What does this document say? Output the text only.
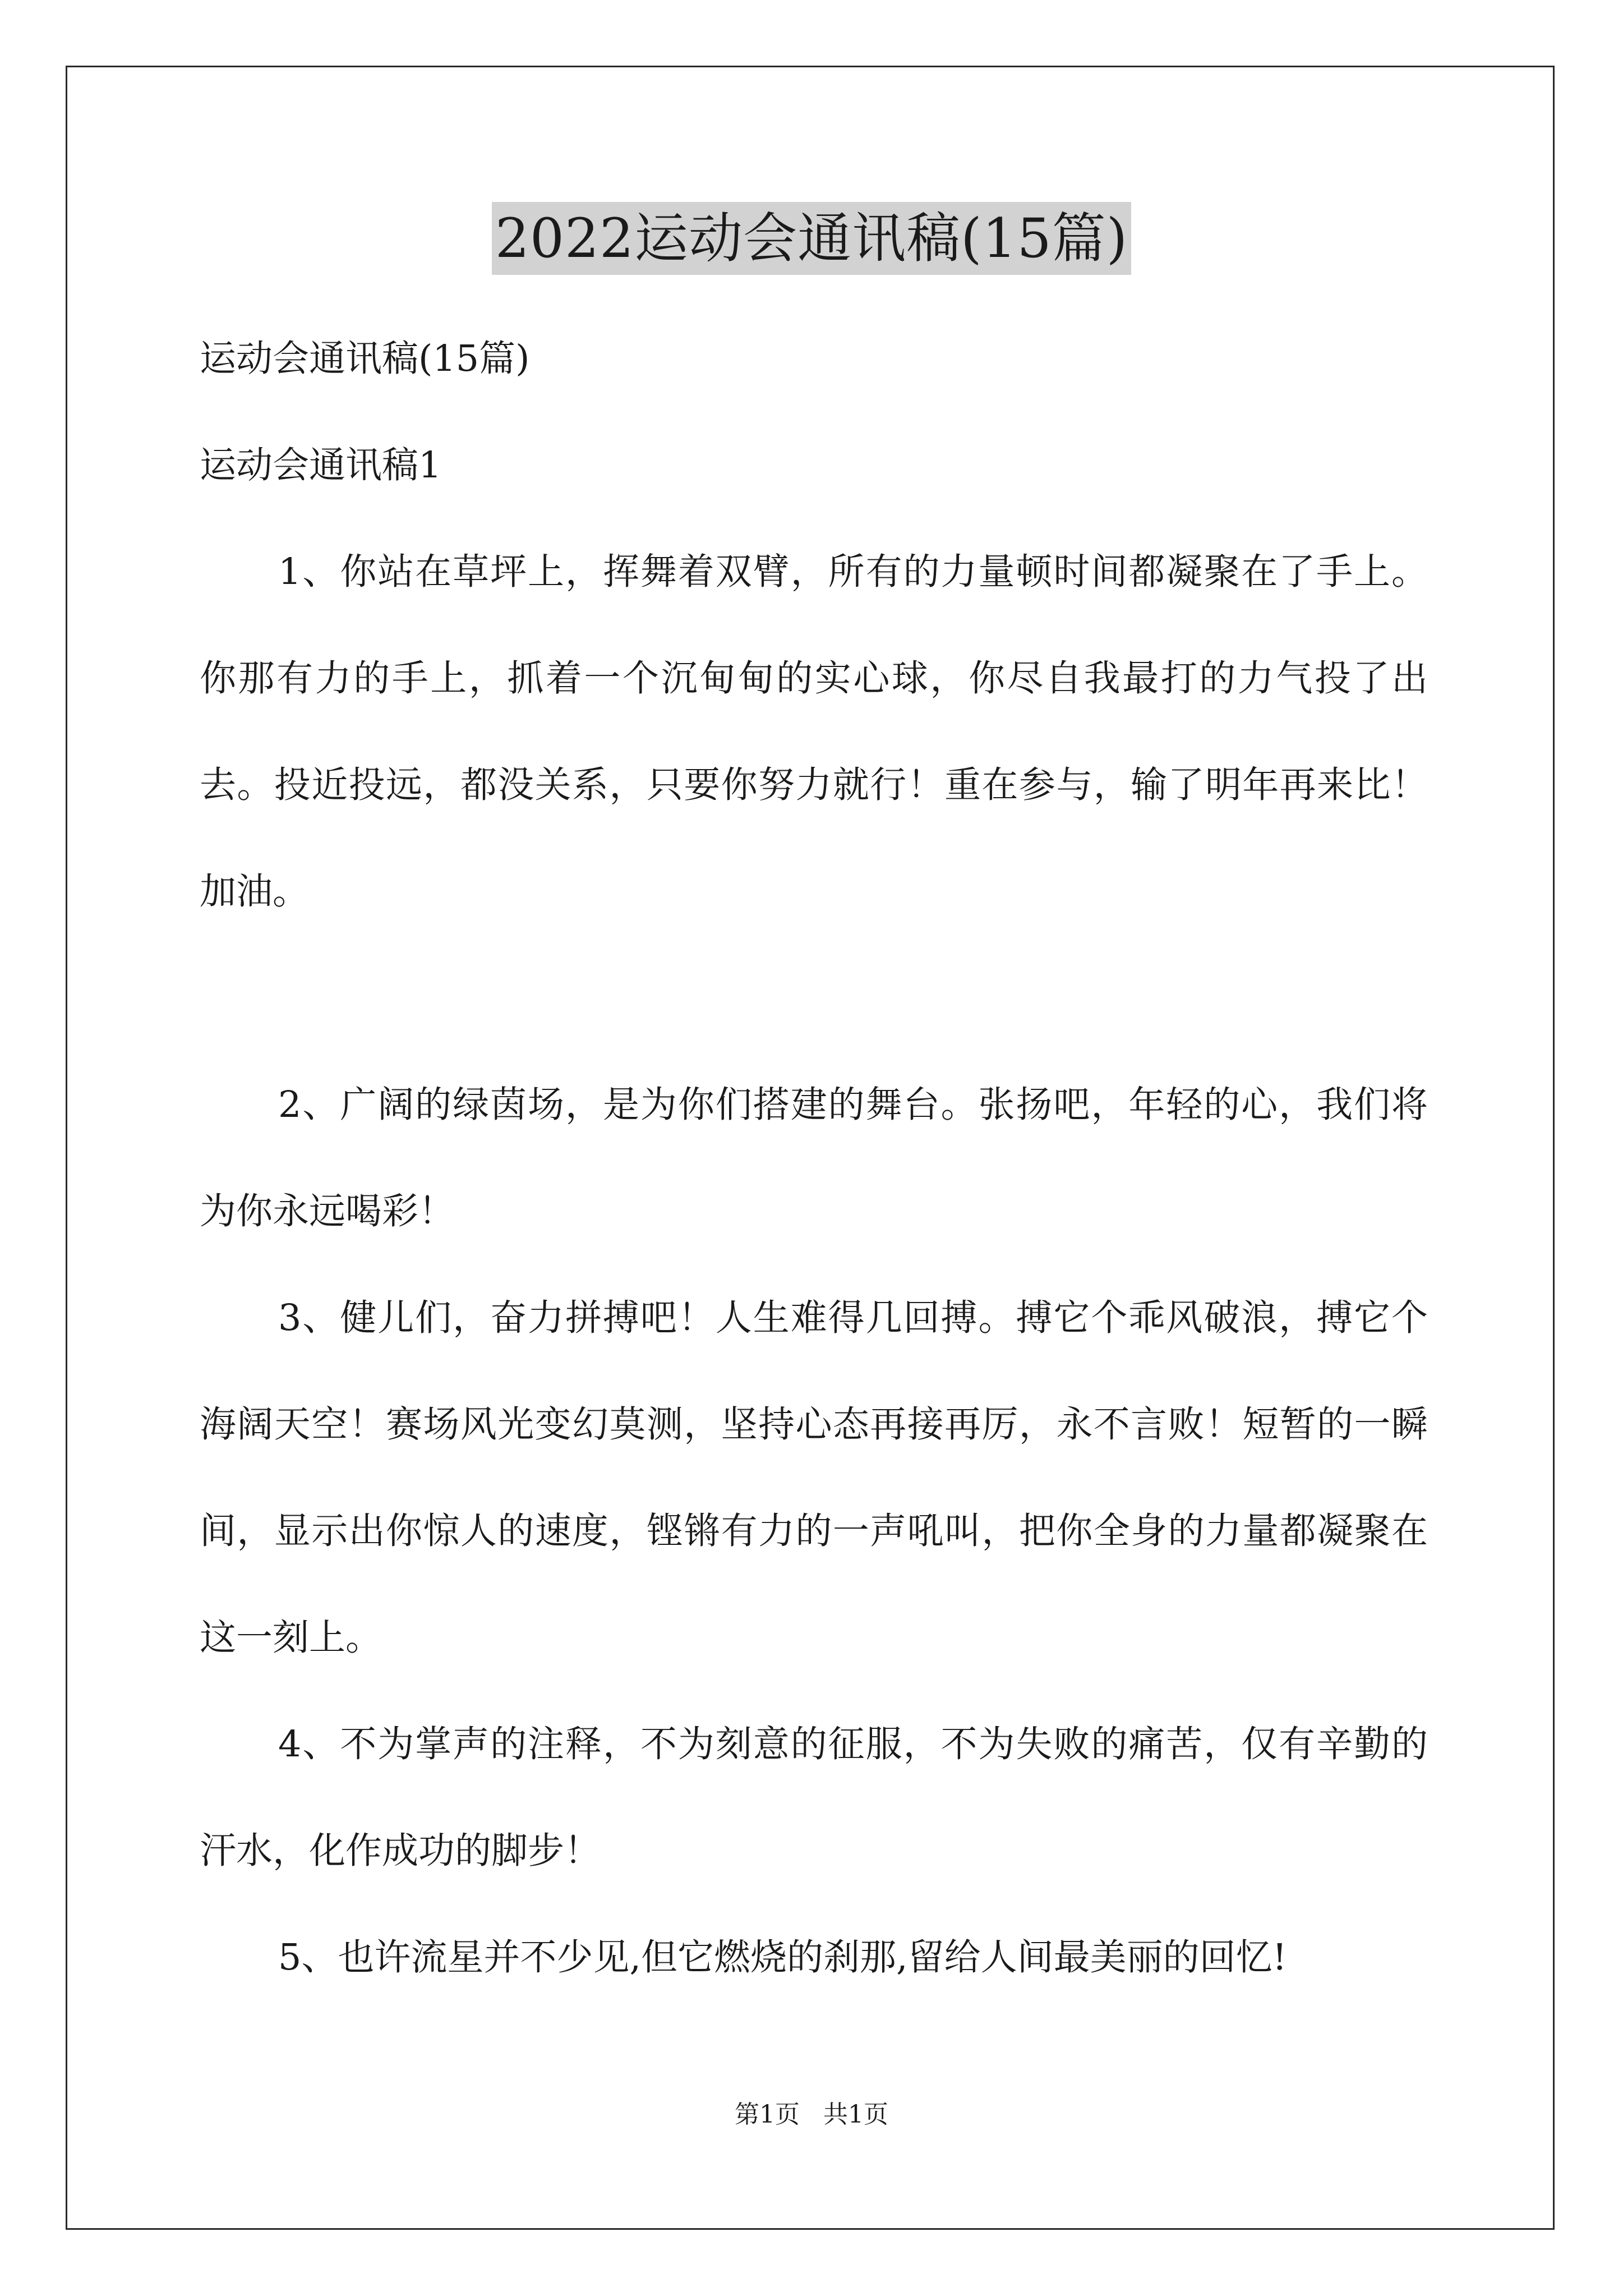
2022运动会通讯稿(15篇)

运动会通讯稿(15篇)

运动会通讯稿1

1、你站在草坪上，挥舞着双臂，所有的力量顿时间都凝聚在了手上。你那有力的手上，抓着一个沉甸甸的实心球，你尽自我最打的力气投了出去。投近投远，都没关系，只要你努力就行！重在参与，输了明年再来比！加油。

2、广阔的绿茵场，是为你们搭建的舞台。张扬吧，年轻的心，我们将为你永远喝彩！

3、健儿们，奋力拼搏吧！人生难得几回搏。搏它个乖风破浪，搏它个海阔天空！赛场风光变幻莫测，坚持心态再接再厉，永不言败！短暂的一瞬间，显示出你惊人的速度，铿锵有力的一声吼叫，把你全身的力量都凝聚在这一刻上。

4、不为掌声的注释，不为刻意的征服，不为失败的痛苦，仅有辛勤的汗水，化作成功的脚步！

5、也许流星并不少见,但它燃烧的刹那,留给人间最美丽的回忆!

第1页   共1页
